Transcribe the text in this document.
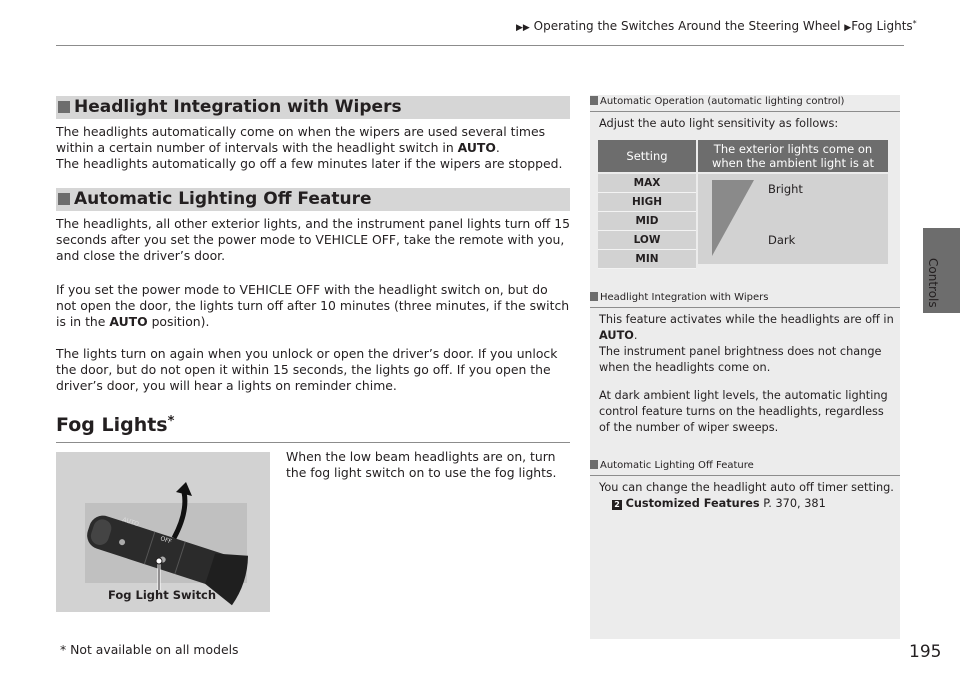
▶▶ Operating the Switches Around the Steering Wheel ▶Fog Lights*
Controls
Headlight Integration with Wipers
The headlights automatically come on when the wipers are used several times within a certain number of intervals with the headlight switch in AUTO.
The headlights automatically go off a few minutes later if the wipers are stopped.
Automatic Lighting Off Feature
The headlights, all other exterior lights, and the instrument panel lights turn off 15 seconds after you set the power mode to VEHICLE OFF, take the remote with you, and close the driver’s door.
If you set the power mode to VEHICLE OFF with the headlight switch on, but do not open the door, the lights turn off after 10 minutes (three minutes, if the switch is in the AUTO position).
The lights turn on again when you unlock or open the driver’s door. If you unlock the door, but do not open it within 15 seconds, the lights go off. If you open the driver’s door, you will hear a lights on reminder chime.
Fog Lights*
When the low beam headlights are on, turn the fog light switch on to use the fog lights.
AUTO
OFF
Fog Light Switch
* Not available on all models	195
Automatic Operation (automatic lighting control)
Adjust the auto light sensitivity as follows:
Setting	The exterior lights come on when the ambient light is at
MAX
HIGH
MID
LOW
MIN
Bright
Dark
Headlight Integration with Wipers
This feature activates while the headlights are off in AUTO.
The instrument panel brightness does not change when the headlights come on.

At dark ambient light levels, the automatic lighting control feature turns on the headlights, regardless of the number of wiper sweeps.
Automatic Lighting Off Feature
You can change the headlight auto off timer setting.
2 Customized Features P. 370, 381
